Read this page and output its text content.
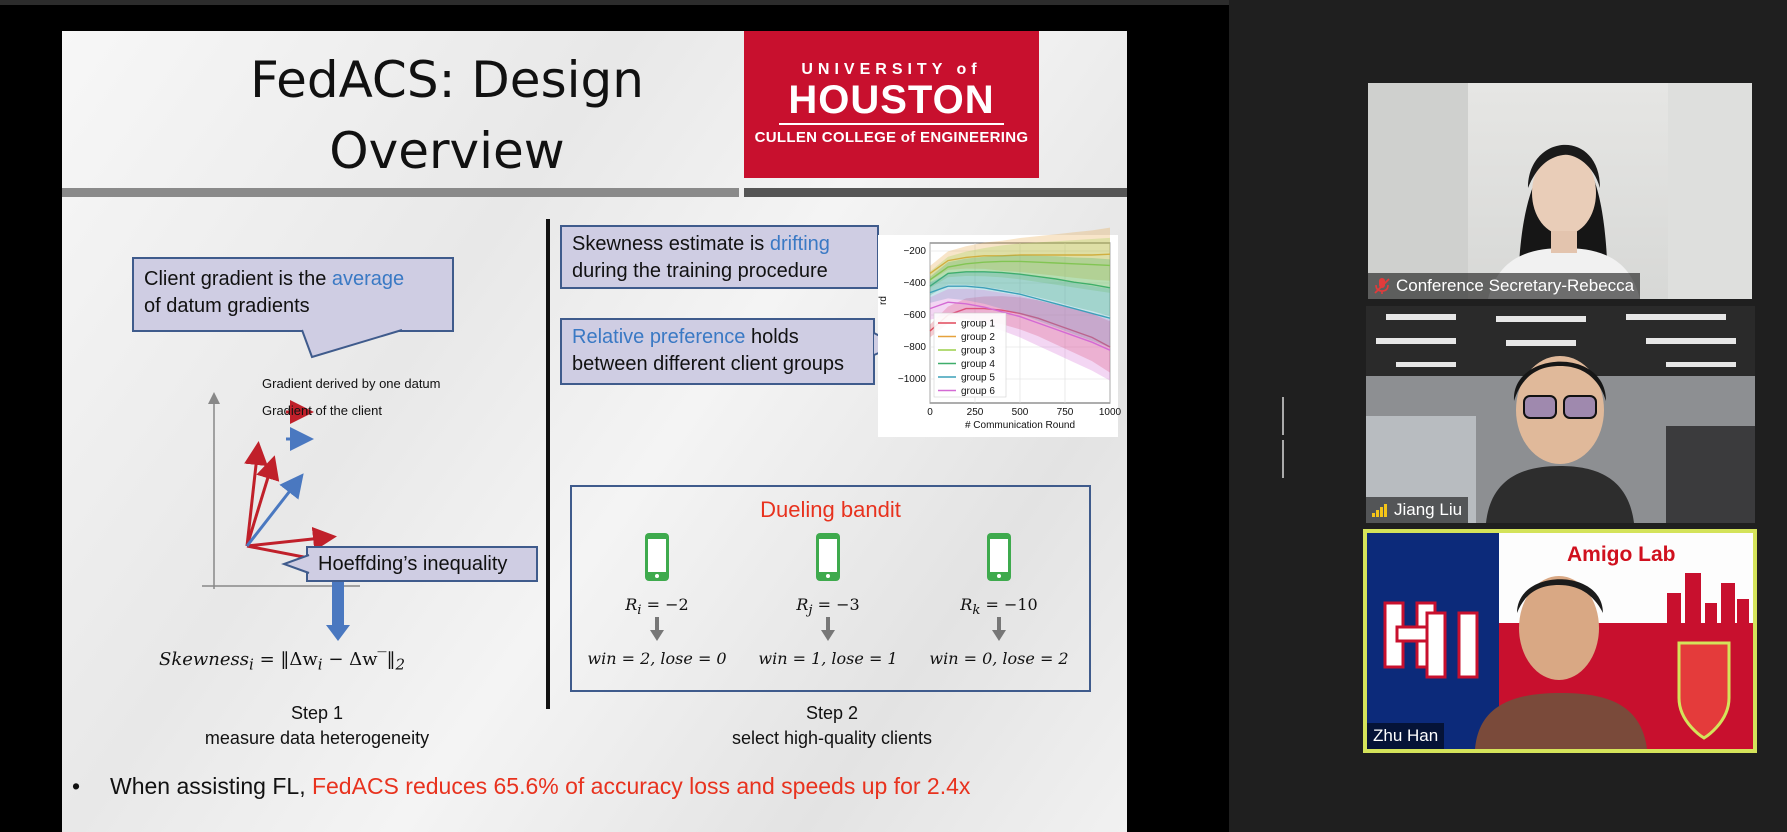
FedACS: Design
Overview
UNIVERSITY of
HOUSTON
CULLEN COLLEGE of ENGINEERING
Client gradient is the average
of datum gradients
Gradient derived by one datum
Gradient of the client
Hoeffding’s inequality
Skewness$_i$ = $‖\Delta w_i$ − $\Delta w‾‖_2$
Step 1
measure data heterogeneity
Skewness estimate is drifting
during the training procedure
Relative preference holds
between different client groups
0	250	500	750	1000
−200
−400
−600
−800
−1000
group 1
group 2
group 3
group 4
group 5
group 6
# Communication Round
rd
Dueling bandit
$R_i = -2$	$R_j = -3$	$R_k = -10$
win = 2, lose = 0	win = 1, lose = 1	win = 0, lose = 2
Step 2
select high-quality clients
• When assisting FL, FedACS reduces 65.6% of accuracy loss and speeds up for 2.4x
Conference Secretary-Rebecca
Jiang Liu
Amigo Lab
Zhu Han
